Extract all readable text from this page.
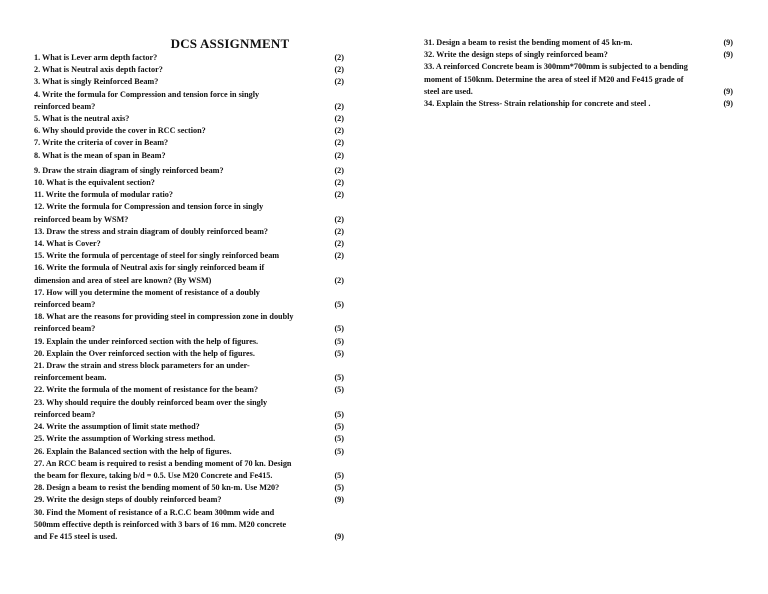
DCS ASSIGNMENT
1. What is Lever arm depth factor?	(2)
2. What is Neutral axis depth factor?	(2)
3. What is singly Reinforced Beam?	(2)
4. Write the formula for Compression and tension force in singly
reinforced beam?	(2)
5. What is the neutral axis?	(2)
6. Why should provide the cover in RCC section?	(2)
7. Write the criteria of cover in Beam?	(2)
8. What is the mean of span in Beam?	(2)
9. Draw the strain diagram of singly reinforced beam?	(2)
10. What is the equivalent section?	(2)
11. Write the formula of modular ratio?	(2)
12. Write the formula for Compression and tension force in singly
reinforced beam by WSM?	(2)
13. Draw the stress and strain diagram of doubly reinforced beam?	(2)
14. What is Cover?	(2)
15. Write the formula of percentage of steel for singly reinforced beam	(2)
16. Write the formula of Neutral axis for singly reinforced beam if
dimension and area of steel are known? (By WSM)	(2)
17. How will you determine the moment of resistance of a doubly
reinforced beam?	(5)
18. What are the reasons for providing steel in compression zone in doubly
reinforced beam?	(5)
19. Explain the under reinforced section with the help of figures.	(5)
20. Explain the Over reinforced section with the help of figures.	(5)
21. Draw the strain and stress block parameters for an under-
reinforcement beam.	(5)
22. Write the formula of the moment of resistance for the beam?	(5)
23. Why should require the doubly reinforced beam over the singly
reinforced beam?	(5)
24. Write the assumption of limit state method?	(5)
25. Write the assumption of Working stress method.	(5)
26. Explain the Balanced section with the help of figures.	(5)
27. An RCC beam is required to resist a bending moment of 70 kn. Design
the beam for flexure, taking b/d = 0.5. Use M20 Concrete and Fe415.	(5)
28. Design a beam to resist the bending moment of 50 kn-m. Use M20?	(5)
29. Write the design steps of doubly reinforced beam?	(9)
30. Find the Moment of resistance of a R.C.C beam 300mm wide and
500mm effective depth is reinforced with 3 bars of 16 mm. M20 concrete
and Fe 415 steel is used.	(9)
31. Design a beam to resist the bending moment of 45 kn-m.	(9)
32. Write the design steps of singly reinforced beam?	(9)
33. A reinforced Concrete beam is 300mm*700mm is subjected to a bending
moment of 150knm. Determine the area of steel if M20 and Fe415 grade of
steel are used.	(9)
34. Explain the Stress- Strain relationship for concrete and steel .	(9)
